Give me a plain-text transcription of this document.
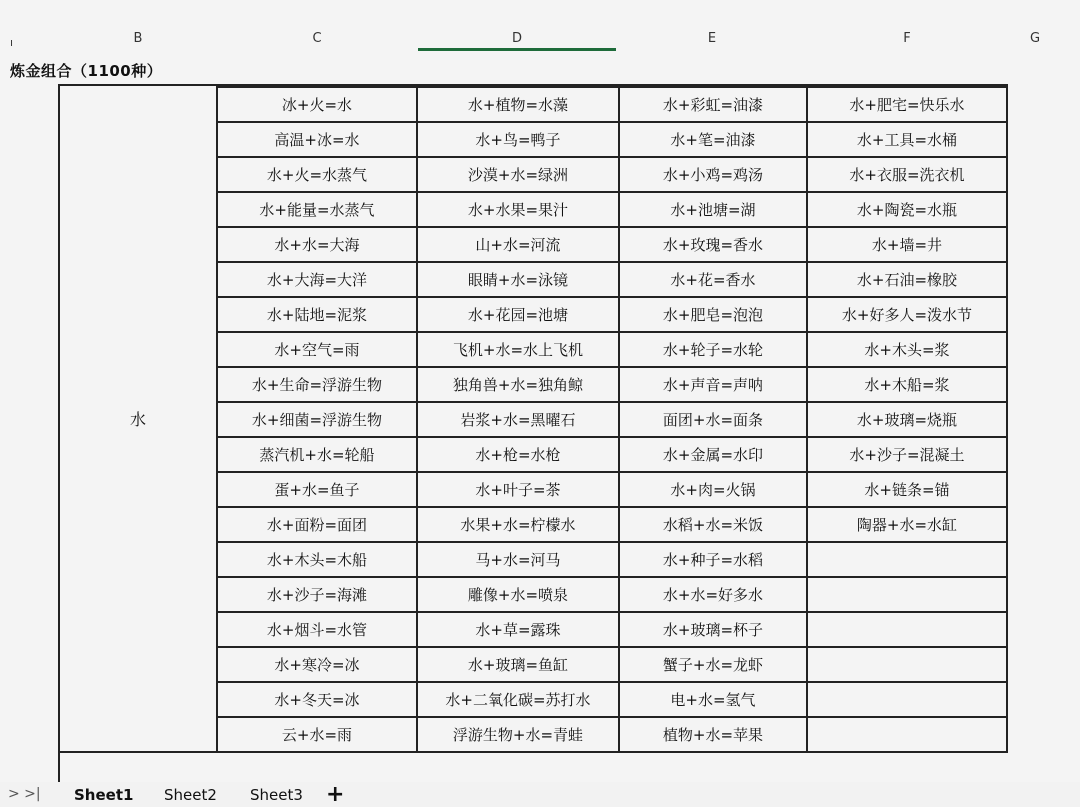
B	C	D	E	F	G
ı
炼金组合（1100种）
冰+火=水	水+植物=水藻	水+彩虹=油漆	水+肥宅=快乐水
高温+冰=水	水+鸟=鸭子	水+笔=油漆	水+工具=水桶
水+火=水蒸气	沙漠+水=绿洲	水+小鸡=鸡汤	水+衣服=洗衣机
水+能量=水蒸气	水+水果=果汁	水+池塘=湖	水+陶瓷=水瓶
水+水=大海	山+水=河流	水+玫瑰=香水	水+墙=井
水+大海=大洋	眼睛+水=泳镜	水+花=香水	水+石油=橡胶
水+陆地=泥浆	水+花园=池塘	水+肥皂=泡泡	水+好多人=泼水节
水+空气=雨	飞机+水=水上飞机	水+轮子=水轮	水+木头=浆
水+生命=浮游生物	独角兽+水=独角鲸	水+声音=声呐	水+木船=浆
水+细菌=浮游生物	岩浆+水=黑曜石	面团+水=面条	水+玻璃=烧瓶
蒸汽机+水=轮船	水+枪=水枪	水+金属=水印	水+沙子=混凝土
蛋+水=鱼子	水+叶子=茶	水+肉=火锅	水+链条=锚
水+面粉=面团	水果+水=柠檬水	水稻+水=米饭	陶器+水=水缸
水+木头=木船	马+水=河马	水+种子=水稻
水+沙子=海滩	雕像+水=喷泉	水+水=好多水
水+烟斗=水管	水+草=露珠	水+玻璃=杯子
水+寒冷=冰	水+玻璃=鱼缸	蟹子+水=龙虾
水+冬天=冰	水+二氧化碳=苏打水	电+水=氢气
云+水=雨	浮游生物+水=青蛙	植物+水=苹果
水
> >| Sheet1 Sheet2 Sheet3 +
